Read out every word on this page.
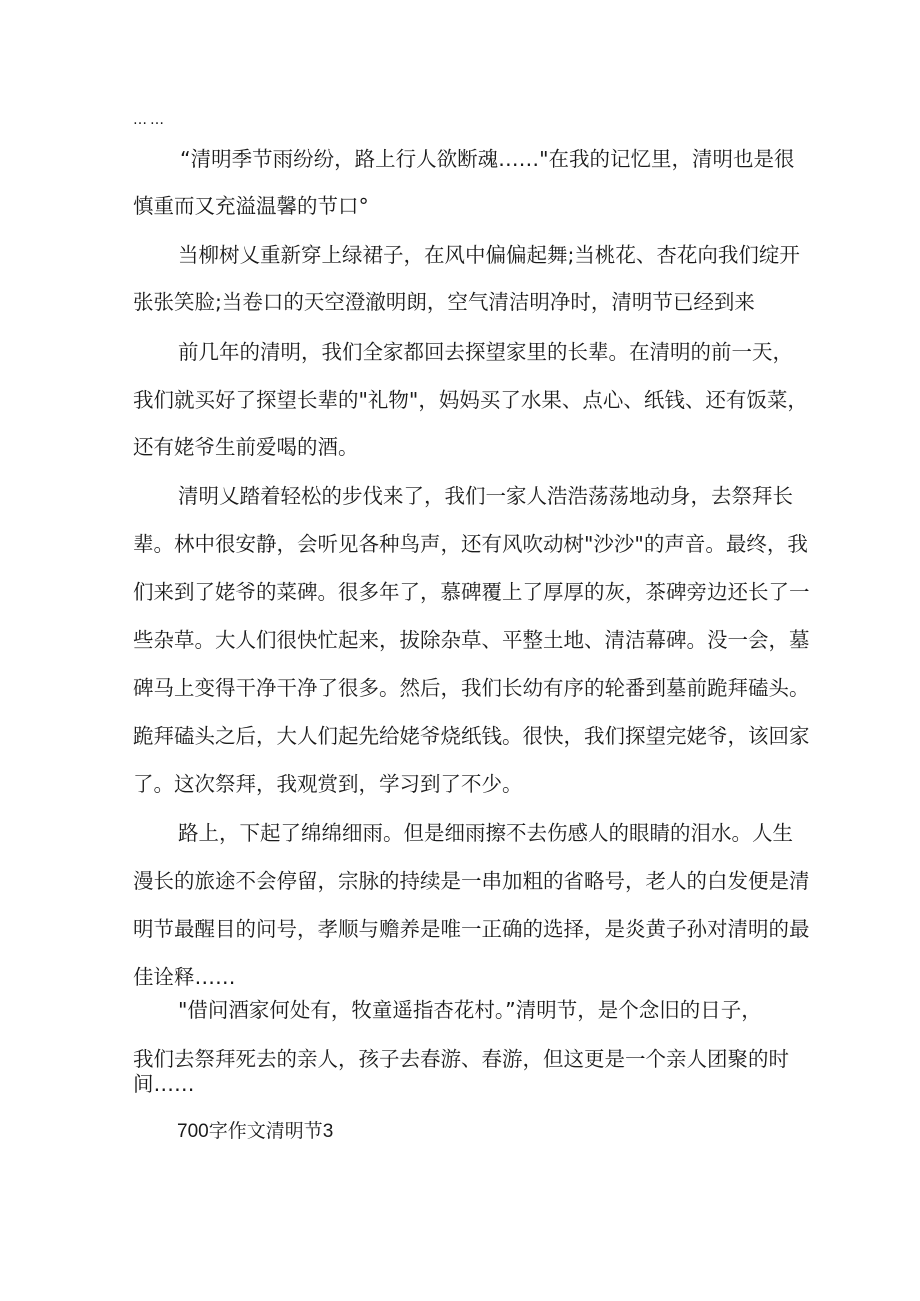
……
“清明季节雨纷纷，路上行人欲断魂……"在我的记忆里，清明也是很
慎重而又充溢温馨的节口°
当柳树乂重新穿上绿裙子，在风中偏偏起舞;当桃花、杏花向我们绽开
张张笑脸;当卷口的天空澄澈明朗，空气清洁明净时，清明节已经到来
前几年的清明，我们全家都回去探望家里的长辈。在清明的前一天，
我们就买好了探望长辈的"礼物"，妈妈买了水果、点心、纸钱、还有饭菜，
还有姥爷生前爱喝的酒。
清明乂踏着轻松的步伐来了，我们一家人浩浩荡荡地动身，去祭拜长
辈。林中很安静，会听见各种鸟声，还有风吹动树"沙沙"的声音。最终，我
们来到了姥爷的菜碑。很多年了，慕碑覆上了厚厚的灰，茶碑旁边还长了一
些杂草。大人们很快忙起来，拔除杂草、平整土地、清洁幕碑。没一会，墓
碑马上变得干净干净了很多。然后，我们长幼有序的轮番到墓前跪拜磕头。
跪拜磕头之后，大人们起先给姥爷烧纸钱。很快，我们探望完姥爷，该回家
了。这次祭拜，我观赏到，学习到了不少。
路上，下起了绵绵细雨。但是细雨擦不去伤感人的眼睛的泪水。人生
漫长的旅途不会停留，宗脉的持续是一串加粗的省略号，老人的白发便是清
明节最醒目的问号，孝顺与赡养是唯一正确的选择，是炎黄子孙对清明的最
佳诠释……
"借问酒家何处有，牧童遥指杏花村。”清明节，是个念旧的日子，
我们去祭拜死去的亲人，孩子去春游、春游，但这更是一个亲人团聚的时
间……
700字作文清明节3
